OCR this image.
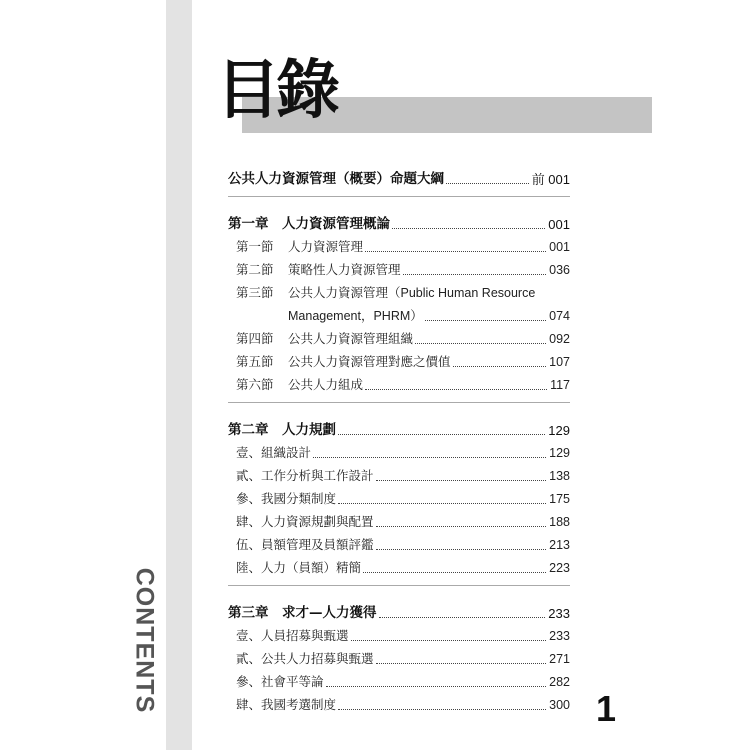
CONTENTS
目錄
公共人力資源管理（概要）命題大綱	前 001
第一章　人力資源管理概論	001
第一節	人力資源管理	001
第二節	策略性人力資源管理	036
第三節	公共人力資源管理（Public Human Resource
Management，PHRM）	074
第四節	公共人力資源管理組織	092
第五節	公共人力資源管理對應之價值	107
第六節	公共人力組成	117
第二章　人力規劃	129
壹、組織設計	129
貳、工作分析與工作設計	138
參、我國分類制度	175
肆、人力資源規劃與配置	188
伍、員額管理及員額評鑑	213
陸、人力（員額）精簡	223
第三章　求才—人力獲得	233
壹、人員招募與甄選	233
貳、公共人力招募與甄選	271
參、社會平等論	282
肆、我國考選制度	300 1
